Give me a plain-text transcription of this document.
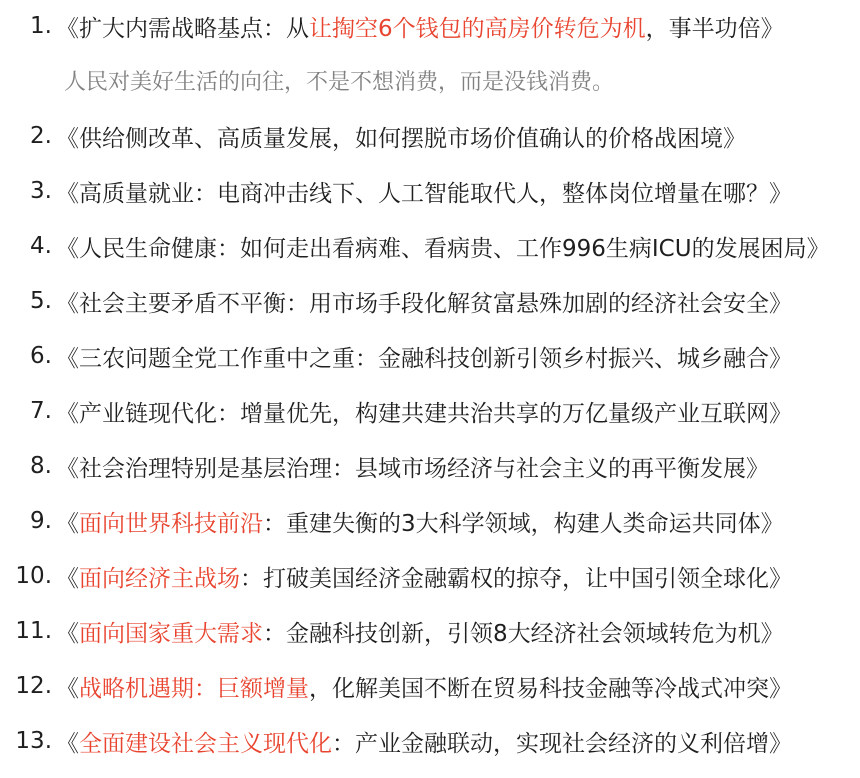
1. 《 扩大内需战略基点：从 让掏空6个钱包的高房价转危为机 ，事半功倍》
人民对美好生活的向往，不是不想消费，而是没钱消费。
2. 《 供给侧改革、高质量发展，如何摆脱市场价值确认的价格战困境》
3. 《 高质量就业：电商冲击线下、人工智能取代人，整体岗位增量在哪？》
4. 《 人民生命健康：如何走出看病难、看病贵、工作996生病ICU的发展困局》
5. 《 社会主要矛盾不平衡：用市场手段化解贫富悬殊加剧的经济社会安全》
6. 《 三农问题全党工作重中之重：金融科技创新引领乡村振兴、城乡融合》
7. 《 产业链现代化：增量优先，构建共建共治共享的万亿量级产业互联网》
8. 《 社会治理特别是基层治理：县域市场经济与社会主义的再平衡发展》
9. 《 面向世界科技前沿 ：重建失衡的3大科学领域，构建人类命运共同体》
10. 《 面向经济主战场 ：打破美国经济金融霸权的掠夺，让中国引领全球化》
11. 《 面向国家重大需求 ：金融科技创新，引领8大经济社会领域转危为机》
12. 《 战略机遇期：巨额增量 ，化解美国不断在贸易科技金融等冷战式冲突》
13. 《 全面建设社会主义现代化 ：产业金融联动，实现社会经济的义利倍增》
